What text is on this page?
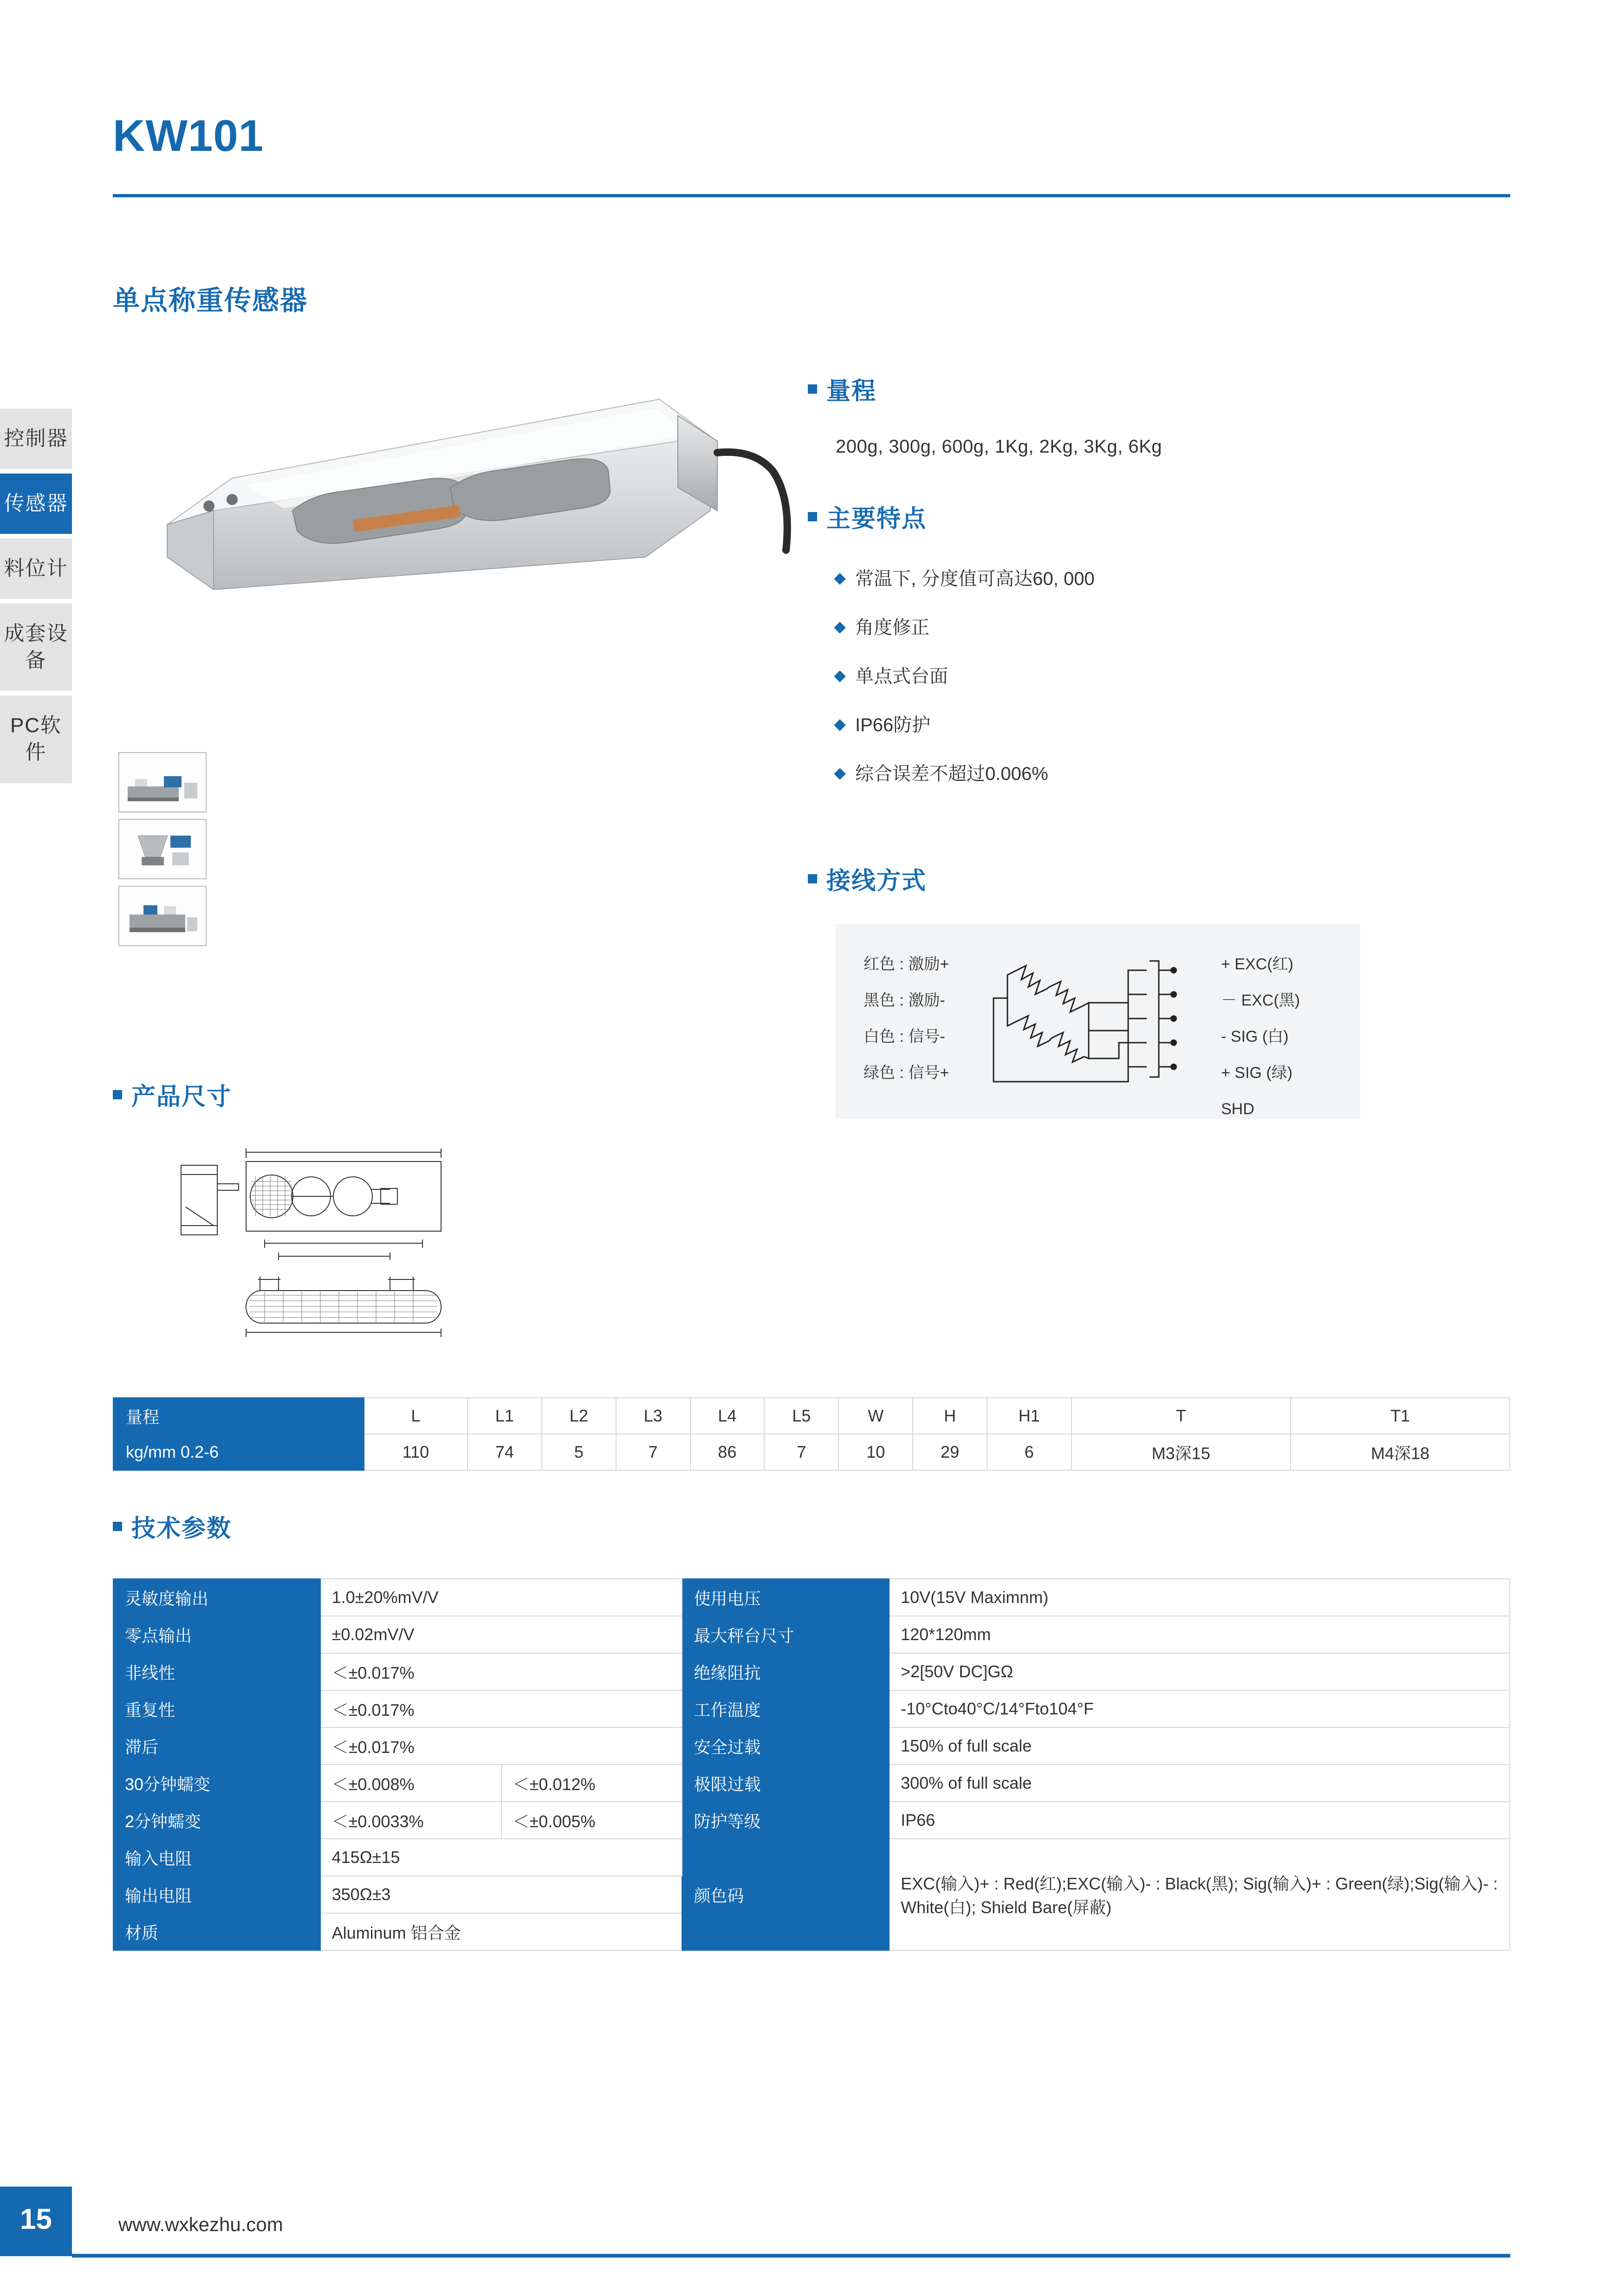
控制器
传感器
料位计
成套设备
PC软件
KW101
单点称重传感器
量程
200g, 300g, 600g, 1Kg, 2Kg, 3Kg, 6Kg
主要特点
常温下, 分度值可高达60, 000
角度修正
单点式台面
IP66防护
综合误差不超过0.006%
接线方式
红色 : 激励+
黑色 : 激励-
白色 : 信号-
绿色 : 信号+
+ EXC(红)
－ EXC(黑)
- SIG (白)
+ SIG (绿)
SHD
产品尺寸
量程	L	L1	L2	L3	L4	L5	W	H	H1	T	T1
kg/mm 0.2-6	110	74	5	7	86	7	10	29	6	M3深15	M4深18
技术参数
灵敏度输出	1.0±20%mV/V		使用电压	10V(15V Maximnm)
零点输出	±0.02mV/V		最大秤台尺寸	120*120mm
非线性	＜±0.017%		绝缘阻抗	>2[50V DC]GΩ
重复性	＜±0.017%		工作温度	-10°Cto40°C/14°Fto104°F
滞后	＜±0.017%		安全过载	150% of full scale
30分钟蠕变	＜±0.008%	＜±0.012%	极限过载	300% of full scale
2分钟蠕变	＜±0.0033%	＜±0.005%	防护等级	IP66
输入电阻	415Ω±15		颜色码	EXC(输入)+ : Red(红);EXC(输入)- : Black(黑); Sig(输入)+ : Green(绿);Sig(输入)- : White(白); Shield Bare(屏蔽)
输出电阻	350Ω±3			
材质	Aluminum 铝合金			
15	www.wxkezhu.com
